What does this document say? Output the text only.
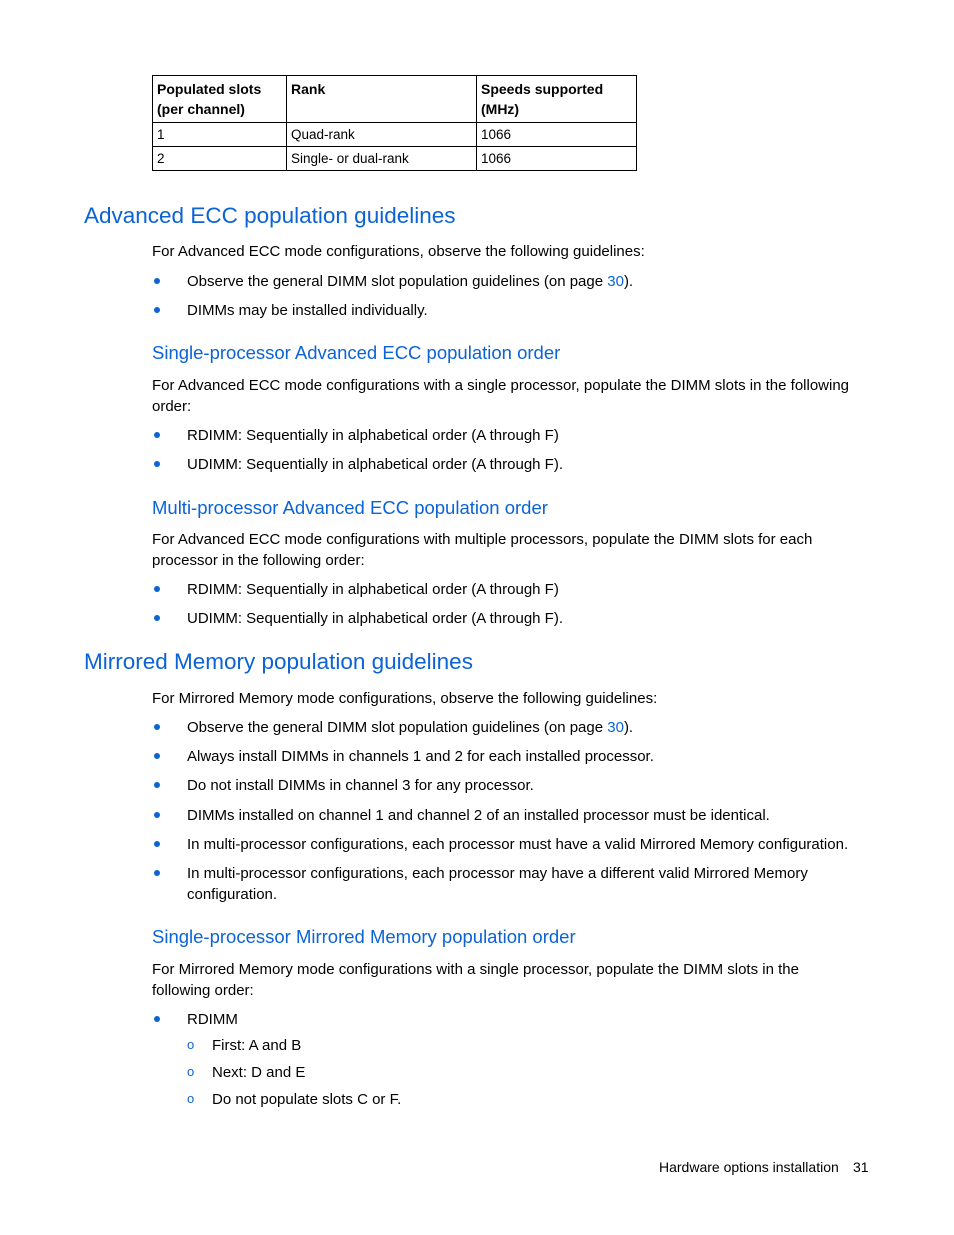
Populated slots (per channel)	Rank	Speeds supported (MHz)
1	Quad-rank	1066
2	Single- or dual-rank	1066
Advanced ECC population guidelines
For Advanced ECC mode configurations, observe the following guidelines:
Observe the general DIMM slot population guidelines (on page 30).
DIMMs may be installed individually.
Single-processor Advanced ECC population order
For Advanced ECC mode configurations with a single processor, populate the DIMM slots in the following order:
RDIMM: Sequentially in alphabetical order (A through F)
UDIMM: Sequentially in alphabetical order (A through F).
Multi-processor Advanced ECC population order
For Advanced ECC mode configurations with multiple processors, populate the DIMM slots for each processor in the following order:
RDIMM: Sequentially in alphabetical order (A through F)
UDIMM: Sequentially in alphabetical order (A through F).
Mirrored Memory population guidelines
For Mirrored Memory mode configurations, observe the following guidelines:
Observe the general DIMM slot population guidelines (on page 30).
Always install DIMMs in channels 1 and 2 for each installed processor.
Do not install DIMMs in channel 3 for any processor.
DIMMs installed on channel 1 and channel 2 of an installed processor must be identical.
In multi-processor configurations, each processor must have a valid Mirrored Memory configuration.
In multi-processor configurations, each processor may have a different valid Mirrored Memory configuration.
Single-processor Mirrored Memory population order
For Mirrored Memory mode configurations with a single processor, populate the DIMM slots in the following order:
RDIMM
o First: A and B
o Next: D and E
o Do not populate slots C or F.
Hardware options installation 31
